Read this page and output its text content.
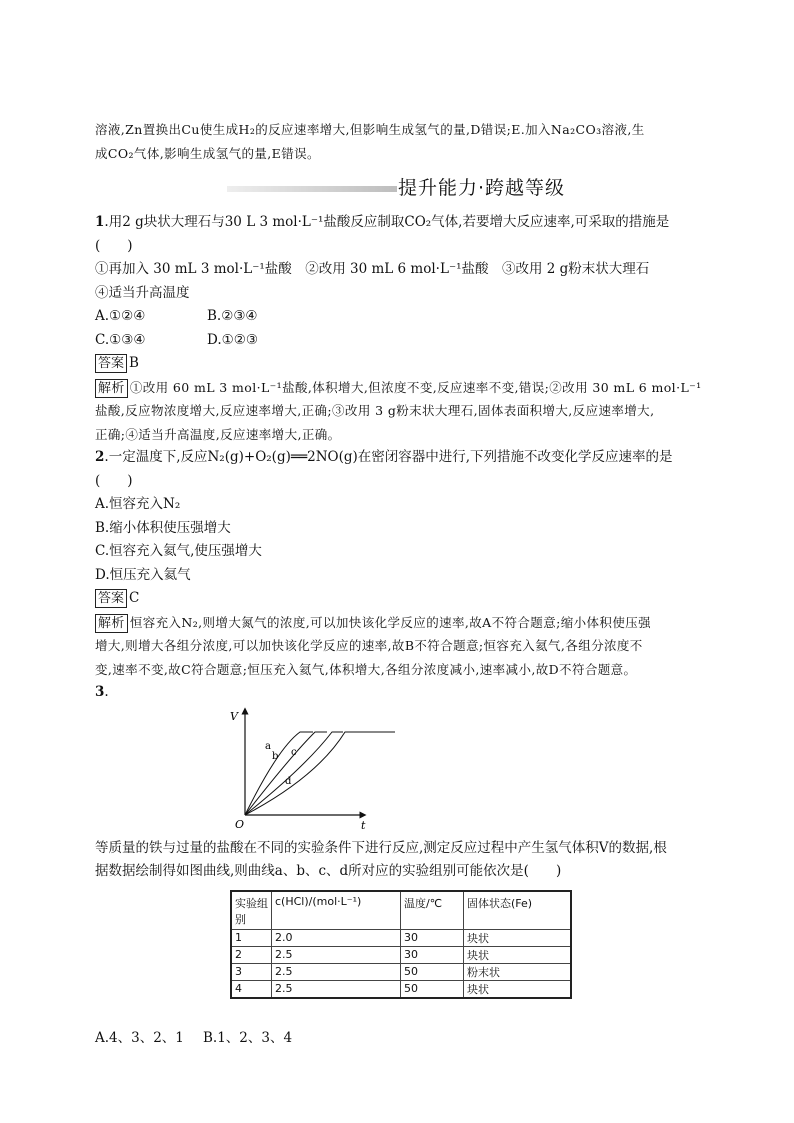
溶液,Zn置换出Cu使生成H₂的反应速率增大,但影响生成氢气的量,D错误;E.加入Na₂CO₃溶液,生
成CO₂气体,影响生成氢气的量,E错误。
提升能力·跨越等级
1.用2 g块状大理石与30 L 3 mol·L⁻¹盐酸反应制取CO₂气体,若要增大反应速率,可采取的措施是
(　　)
①再加入 30 mL 3 mol·L⁻¹盐酸　②改用 30 mL 6 mol·L⁻¹盐酸　③改用 2 g粉末状大理石
④适当升高温度
A.①②④	B.②③④
C.①③④	D.①②③
答案 B
解析 ①改用 60 mL 3 mol·L⁻¹盐酸,体积增大,但浓度不变,反应速率不变,错误;②改用 30 mL 6 mol·L⁻¹
盐酸,反应物浓度增大,反应速率增大,正确;③改用 3 g粉末状大理石,固体表面积增大,反应速率增大,
正确;④适当升高温度,反应速率增大,正确。
2.一定温度下,反应N₂(g)+O₂(g)══2NO(g)在密闭容器中进行,下列措施不改变化学反应速率的是
(　　)
A.恒容充入N₂
B.缩小体积使压强增大
C.恒容充入氦气,使压强增大
D.恒压充入氦气
答案 C
解析 恒容充入N₂,则增大氮气的浓度,可以加快该化学反应的速率,故A不符合题意;缩小体积使压强
增大,则增大各组分浓度,可以加快该化学反应的速率,故B不符合题意;恒容充入氦气,各组分浓度不
变,速率不变,故C符合题意;恒压充入氦气,体积增大,各组分浓度减小,速率减小,故D不符合题意。
3.
V
t
O
a
b c
d
等质量的铁与过量的盐酸在不同的实验条件下进行反应,测定反应过程中产生氢气体积V的数据,根
据数据绘制得如图曲线,则曲线a、b、c、d所对应的实验组别可能依次是(　　)
实验组别	c(HCl)/(mol·L⁻¹)	温度/℃	固体状态(Fe)
1	2.0	30	块状
2	2.5	30	块状
3	2.5	50	粉末状
4	2.5	50	块状
A.4、3、2、1 B.1、2、3、4
